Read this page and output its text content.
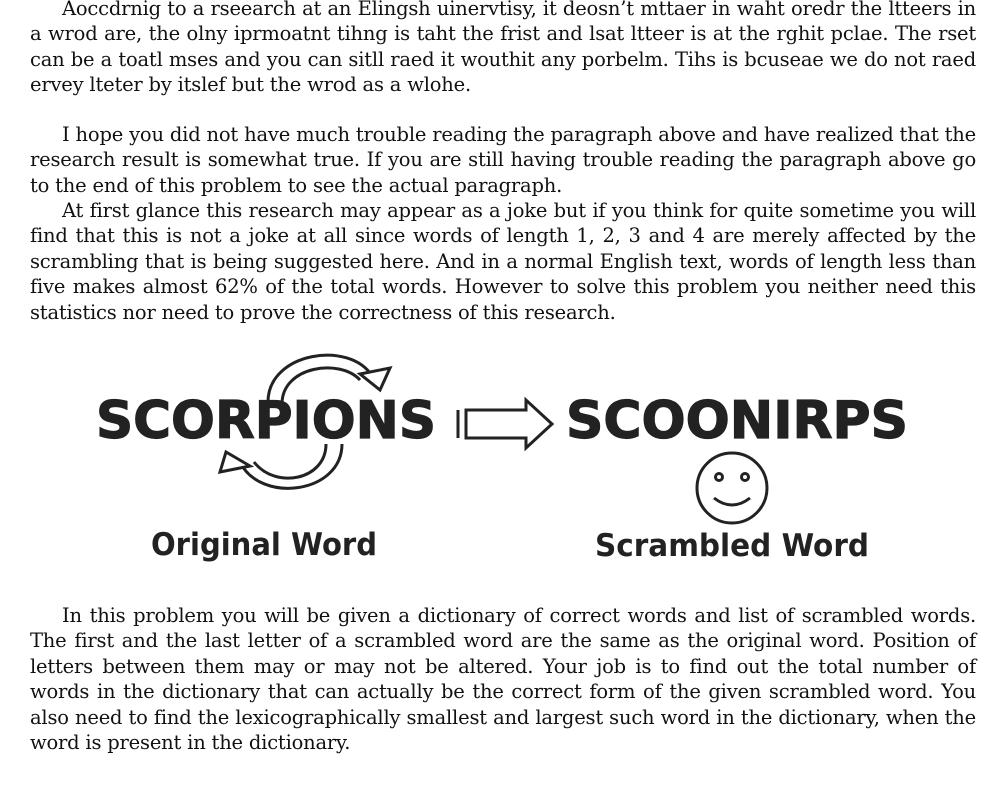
Aoccdrnig to a rseearch at an Elingsh uinervtisy, it deosn’t mttaer in waht oredr the ltteers in a wrod are, the olny iprmoatnt tihng is taht the frist and lsat ltteer is at the rghit pclae. The rset can be a toatl mses and you can sitll raed it wouthit any porbelm. Tihs is bcuseae we do not raed ervey lteter by itslef but the wrod as a wlohe.

I hope you did not have much trouble reading the paragraph above and have realized that the research result is somewhat true. If you are still having trouble reading the paragraph above go to the end of this problem to see the actual paragraph.

At first glance this research may appear as a joke but if you think for quite sometime you will find that this is not a joke at all since words of length 1, 2, 3 and 4 are merely affected by the scrambling that is being suggested here. And in a normal English text, words of length less than five makes almost 62% of the total words. However to solve this problem you neither need this statistics nor need to prove the correctness of this research.

SCORPIONS	SCOONIRPS
Original Word	Scrambled Word

In this problem you will be given a dictionary of correct words and list of scrambled words. The first and the last letter of a scrambled word are the same as the original word. Position of letters between them may or may not be altered. Your job is to find out the total number of words in the dictionary that can actually be the correct form of the given scrambled word. You also need to find the lexicographically smallest and largest such word in the dictionary, when the word is present in the dictionary.
